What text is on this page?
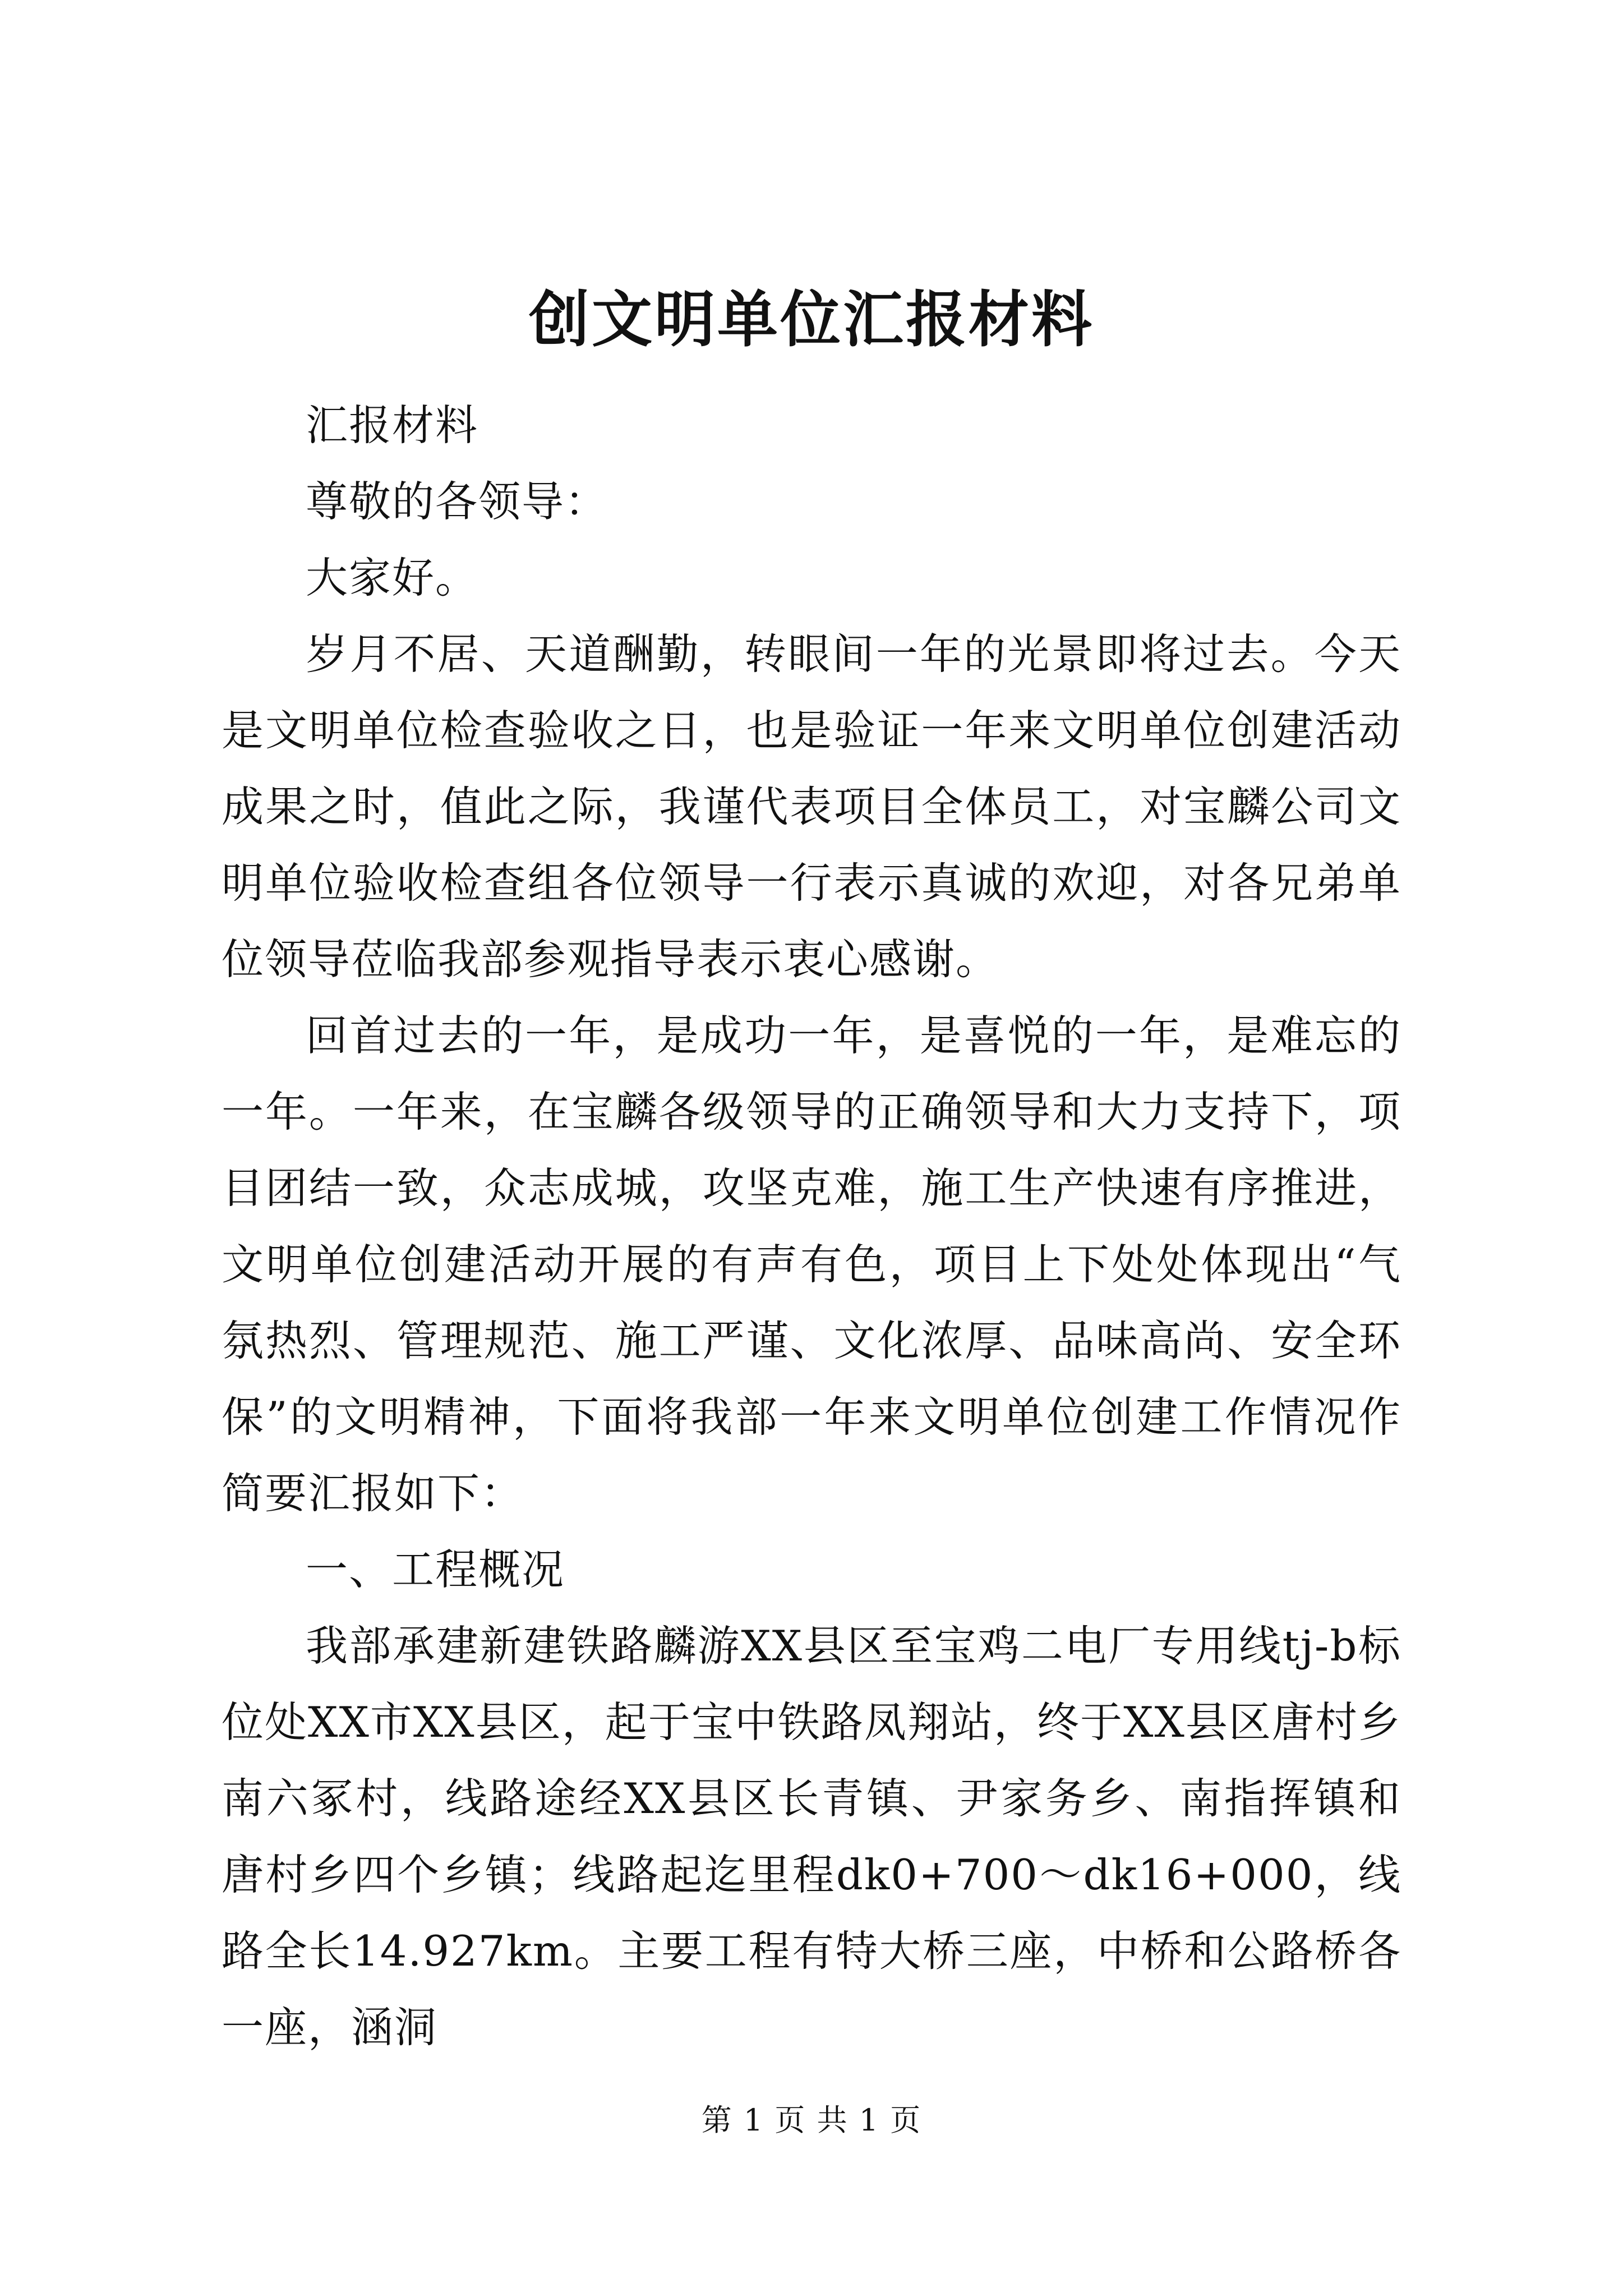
创文明单位汇报材料

汇报材料

尊敬的各领导：

大家好。

岁月不居、天道酬勤，转眼间一年的光景即将过去。今天是文明单位检查验收之日，也是验证一年来文明单位创建活动成果之时，值此之际，我谨代表项目全体员工，对宝麟公司文明单位验收检查组各位领导一行表示真诚的欢迎，对各兄弟单位领导莅临我部参观指导表示衷心感谢。

回首过去的一年，是成功一年，是喜悦的一年，是难忘的一年。一年来，在宝麟各级领导的正确领导和大力支持下，项目团结一致，众志成城，攻坚克难，施工生产快速有序推进，文明单位创建活动开展的有声有色，项目上下处处体现出“气氛热烈、管理规范、施工严谨、文化浓厚、品味高尚、安全环保”的文明精神，下面将我部一年来文明单位创建工作情况作简要汇报如下：

一、工程概况

我部承建新建铁路麟游XX县区至宝鸡二电厂专用线tj-b标位处XX市XX县区，起于宝中铁路凤翔站，终于XX县区唐村乡南六冢村，线路途经XX县区长青镇、尹家务乡、南指挥镇和唐村乡四个乡镇；线路起迄里程dk0+700～dk16+000，线路全长14.927km。主要工程有特大桥三座，中桥和公路桥各一座，涵洞

第 1 页 共 1 页
